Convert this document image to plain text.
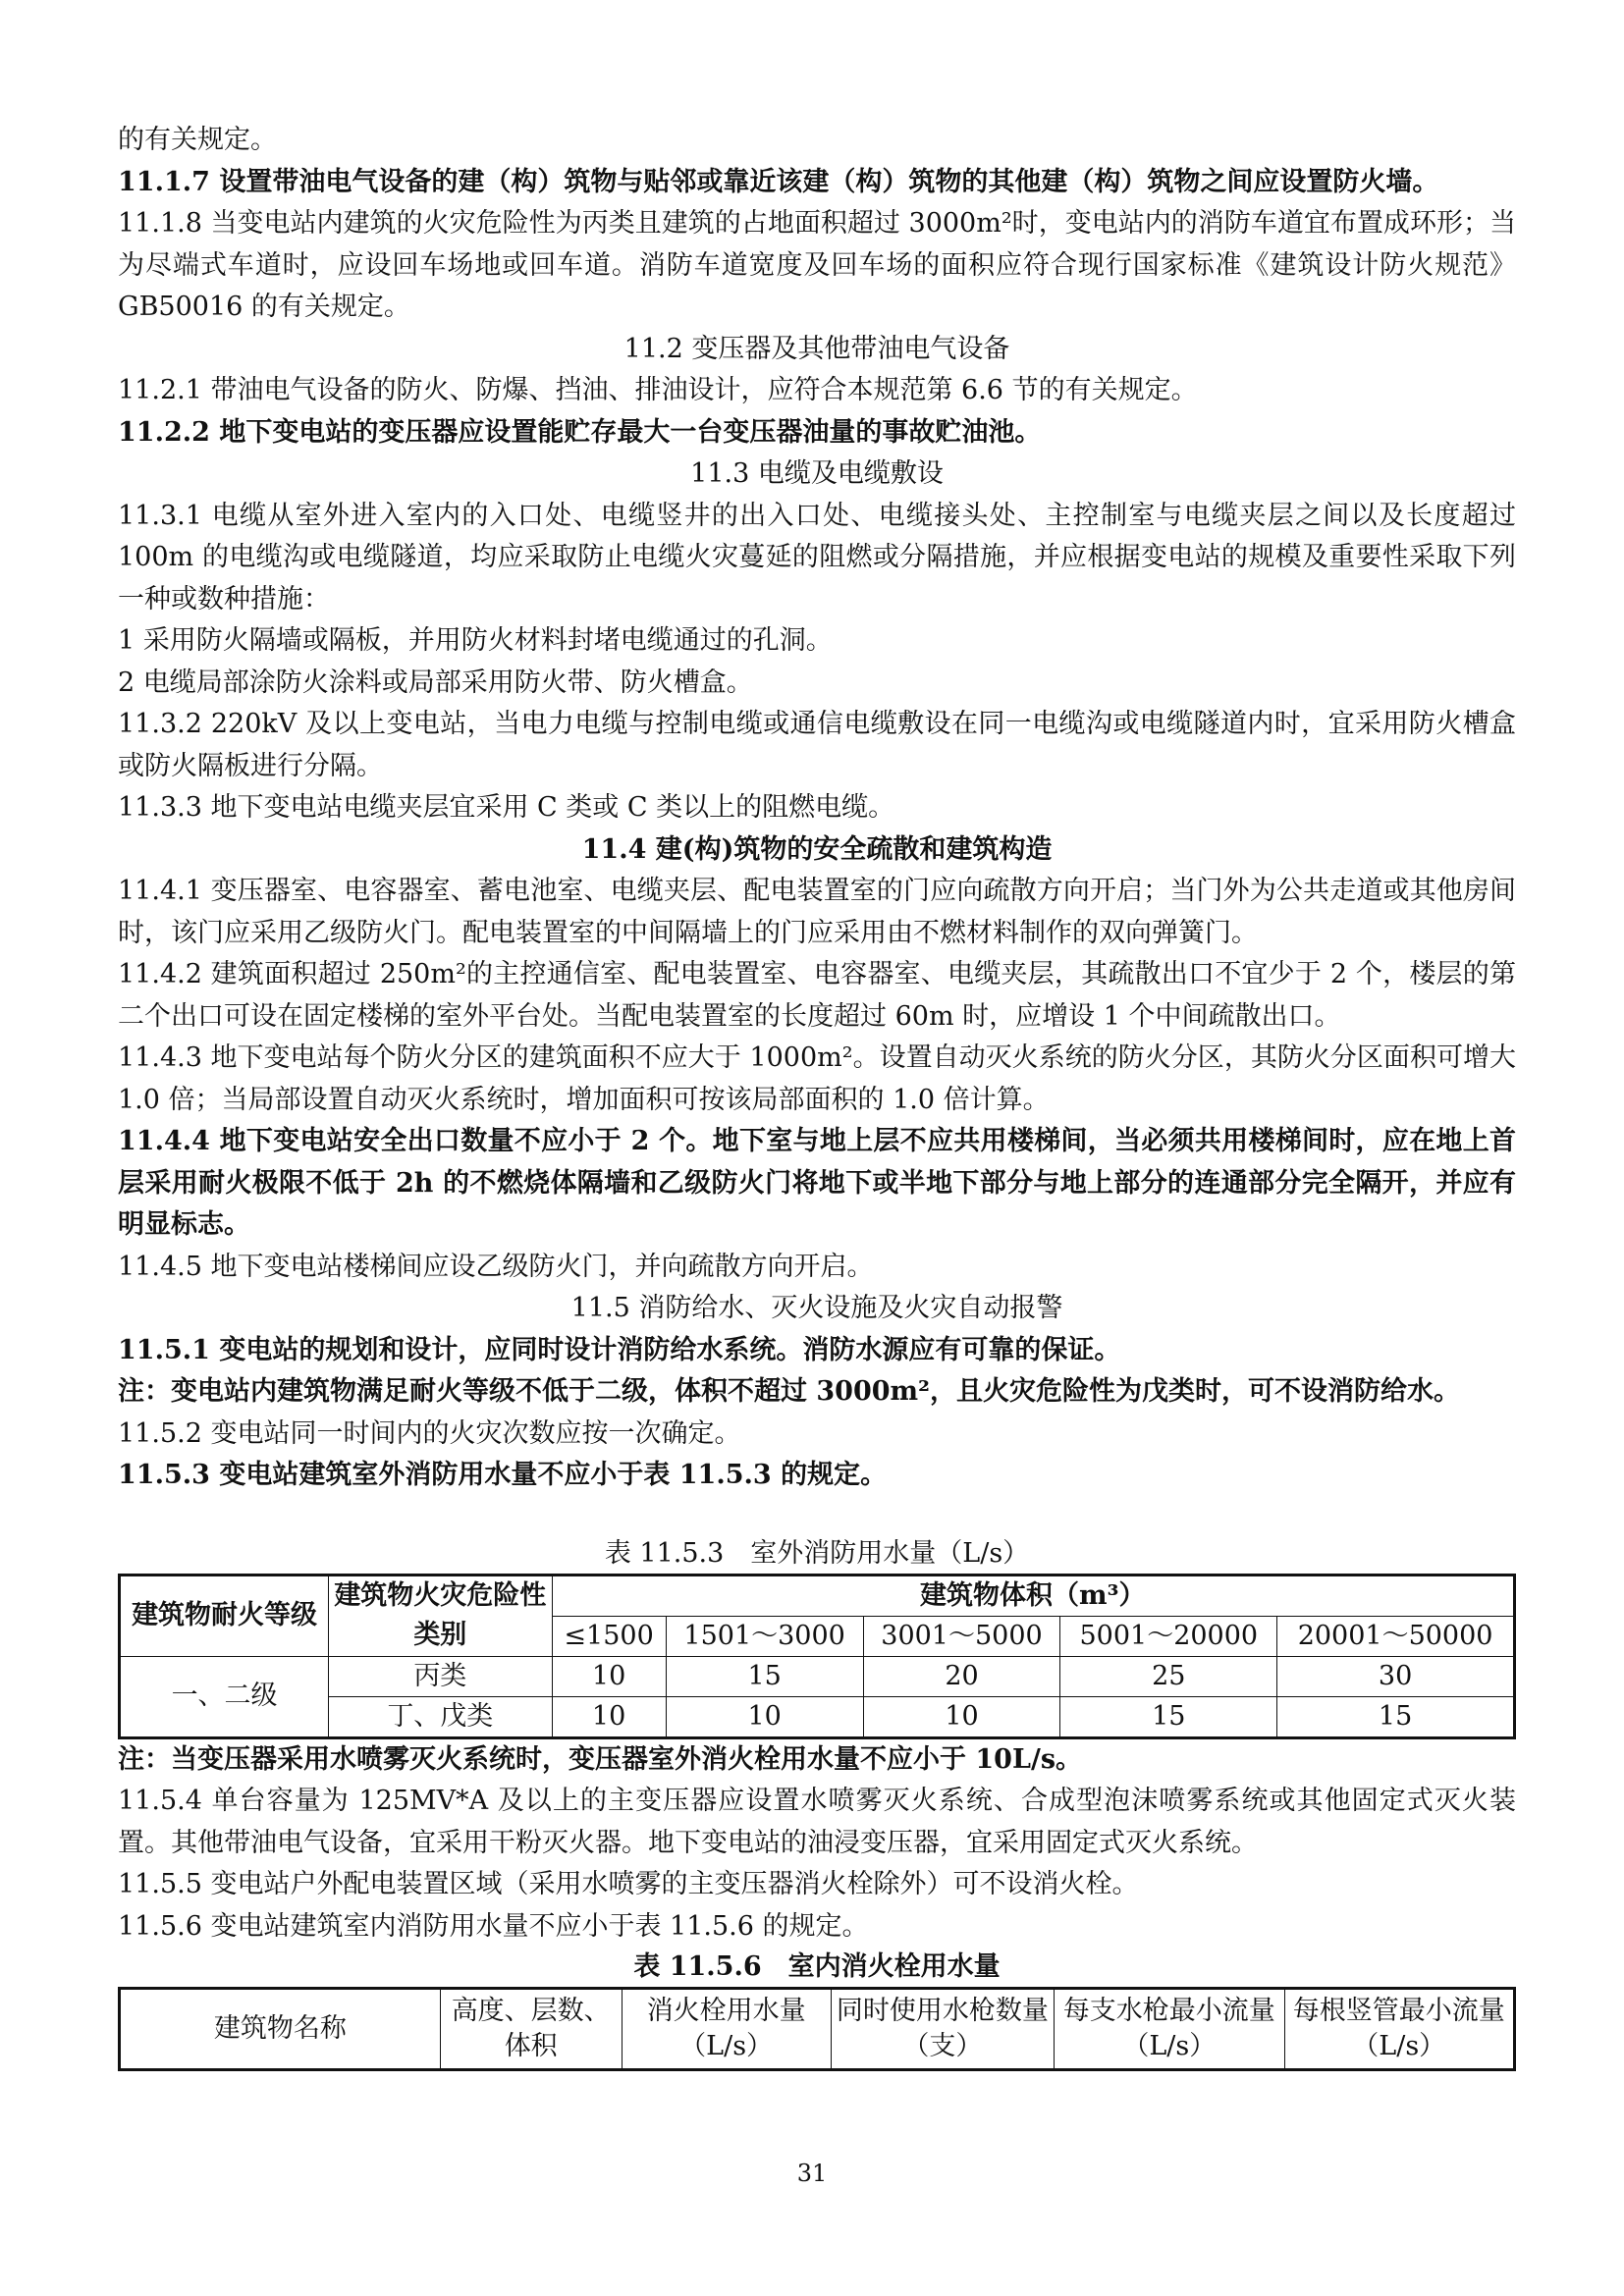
的有关规定。

11.1.7 设置带油电气设备的建（构）筑物与贴邻或靠近该建（构）筑物的其他建（构）筑物之间应设置防火墙。

11.1.8 当变电站内建筑的火灾危险性为丙类且建筑的占地面积超过 3000m²时，变电站内的消防车道宜布置成环形；当为尽端式车道时，应设回车场地或回车道。消防车道宽度及回车场的面积应符合现行国家标准《建筑设计防火规范》GB50016 的有关规定。

11.2 变压器及其他带油电气设备

11.2.1 带油电气设备的防火、防爆、挡油、排油设计，应符合本规范第 6.6 节的有关规定。

11.2.2 地下变电站的变压器应设置能贮存最大一台变压器油量的事故贮油池。

11.3 电缆及电缆敷设

11.3.1 电缆从室外进入室内的入口处、电缆竖井的出入口处、电缆接头处、主控制室与电缆夹层之间以及长度超过 100m 的电缆沟或电缆隧道，均应采取防止电缆火灾蔓延的阻燃或分隔措施，并应根据变电站的规模及重要性采取下列一种或数种措施：

1 采用防火隔墙或隔板，并用防火材料封堵电缆通过的孔洞。

2 电缆局部涂防火涂料或局部采用防火带、防火槽盒。

11.3.2 220kV 及以上变电站，当电力电缆与控制电缆或通信电缆敷设在同一电缆沟或电缆隧道内时，宜采用防火槽盒或防火隔板进行分隔。

11.3.3 地下变电站电缆夹层宜采用 C 类或 C 类以上的阻燃电缆。

11.4 建(构)筑物的安全疏散和建筑构造

11.4.1 变压器室、电容器室、蓄电池室、电缆夹层、配电装置室的门应向疏散方向开启；当门外为公共走道或其他房间时，该门应采用乙级防火门。配电装置室的中间隔墙上的门应采用由不燃材料制作的双向弹簧门。

11.4.2 建筑面积超过 250m²的主控通信室、配电装置室、电容器室、电缆夹层，其疏散出口不宜少于 2 个，楼层的第二个出口可设在固定楼梯的室外平台处。当配电装置室的长度超过 60m 时，应增设 1 个中间疏散出口。

11.4.3 地下变电站每个防火分区的建筑面积不应大于 1000m²。设置自动灭火系统的防火分区，其防火分区面积可增大 1.0 倍；当局部设置自动灭火系统时，增加面积可按该局部面积的 1.0 倍计算。

11.4.4 地下变电站安全出口数量不应小于 2 个。地下室与地上层不应共用楼梯间，当必须共用楼梯间时，应在地上首层采用耐火极限不低于 2h 的不燃烧体隔墙和乙级防火门将地下或半地下部分与地上部分的连通部分完全隔开，并应有明显标志。

11.4.5 地下变电站楼梯间应设乙级防火门，并向疏散方向开启。

11.5 消防给水、灭火设施及火灾自动报警

11.5.1 变电站的规划和设计，应同时设计消防给水系统。消防水源应有可靠的保证。

注：变电站内建筑物满足耐火等级不低于二级，体积不超过 3000m²，且火灾危险性为戊类时，可不设消防给水。

11.5.2 变电站同一时间内的火灾次数应按一次确定。

11.5.3 变电站建筑室外消防用水量不应小于表 11.5.3 的规定。

表 11.5.3　室外消防用水量（L/s）

建筑物耐火等级	建筑物火灾危险性类别	建筑物体积（m³）				
		≤1500	1501～3000	3001～5000	5001～20000	20001～50000
一、二级	丙类	10	15	20	25	30
	丁、戊类	10	10	10	15	15

注：当变压器采用水喷雾灭火系统时，变压器室外消火栓用水量不应小于 10L/s。

11.5.4 单台容量为 125MV*A 及以上的主变压器应设置水喷雾灭火系统、合成型泡沫喷雾系统或其他固定式灭火装置。其他带油电气设备，宜采用干粉灭火器。地下变电站的油浸变压器，宜采用固定式灭火系统。

11.5.5 变电站户外配电装置区域（采用水喷雾的主变压器消火栓除外）可不设消火栓。

11.5.6 变电站建筑室内消防用水量不应小于表 11.5.6 的规定。

表 11.5.6　室内消火栓用水量

建筑物名称	高度、层数、体积	消火栓用水量（L/s）	同时使用水枪数量（支）	每支水枪最小流量（L/s）	每根竖管最小流量（L/s）
31
